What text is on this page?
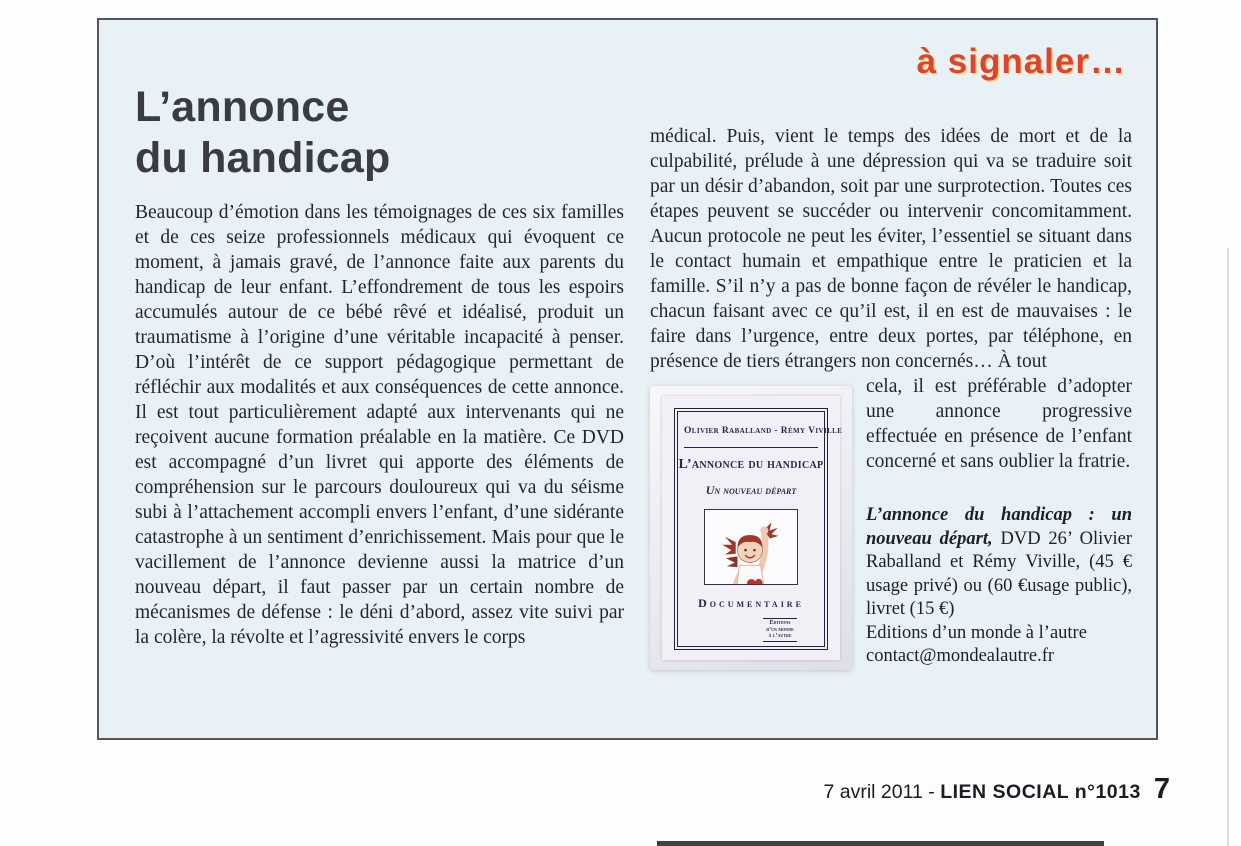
à signaler…
L’annonce
du handicap
Beaucoup d’émotion dans les témoignages de ces six familles et de ces seize professionnels médicaux qui évoquent ce moment, à jamais gravé, de l’annonce faite aux parents du handicap de leur enfant. L’effondrement de tous les espoirs accumulés autour de ce bébé rêvé et idéalisé, produit un traumatisme à l’origine d’une véritable incapacité à penser. D’où l’intérêt de ce support pédagogique permettant de réfléchir aux modalités et aux conséquences de cette annonce. Il est tout particulièrement adapté aux intervenants qui ne reçoivent aucune formation préalable en la matière. Ce DVD est accompagné d’un livret qui apporte des éléments de compréhension sur le parcours douloureux qui va du séisme subi à l’attachement accompli envers l’enfant, d’une sidérante catastrophe à un sentiment d’enrichissement. Mais pour que le vacillement de l’annonce devienne aussi la matrice d’un nouveau départ, il faut passer par un certain nombre de mécanismes de défense : le déni d’abord, assez vite suivi par la colère, la révolte et l’agressivité envers le corps

médical. Puis, vient le temps des idées de mort et de la culpabilité, prélude à une dépression qui va se traduire soit par un désir d’abandon, soit par une surprotection. Toutes ces étapes peuvent se succéder ou intervenir concomitamment. Aucun protocole ne peut les éviter, l’essentiel se situant dans le contact humain et empathique entre le praticien et la famille. S’il n’y a pas de bonne façon de révéler le handicap, chacun faisant avec ce qu’il est, il en est de mauvaises : le faire dans l’urgence, entre deux portes, par téléphone, en présence de tiers étrangers non concernés… À tout

Olivier Raballand - Rémy Viville
L’annonce du handicap
Un nouveau départ
Documentaire
Éditions
d’un monde
à l’autre

cela, il est préférable d’adopter une annonce progressive effectuée en présence de l’enfant concerné et sans oublier la fratrie.

L’annonce du handicap : un nouveau départ, DVD 26’ Olivier Raballand et Rémy Viville, (45 € usage privé) ou (60 €usage public), livret (15 €)
Editions d’un monde à l’autre
contact@mondealautre.fr
7 avril 2011 - LIEN SOCIAL n°1013 7
